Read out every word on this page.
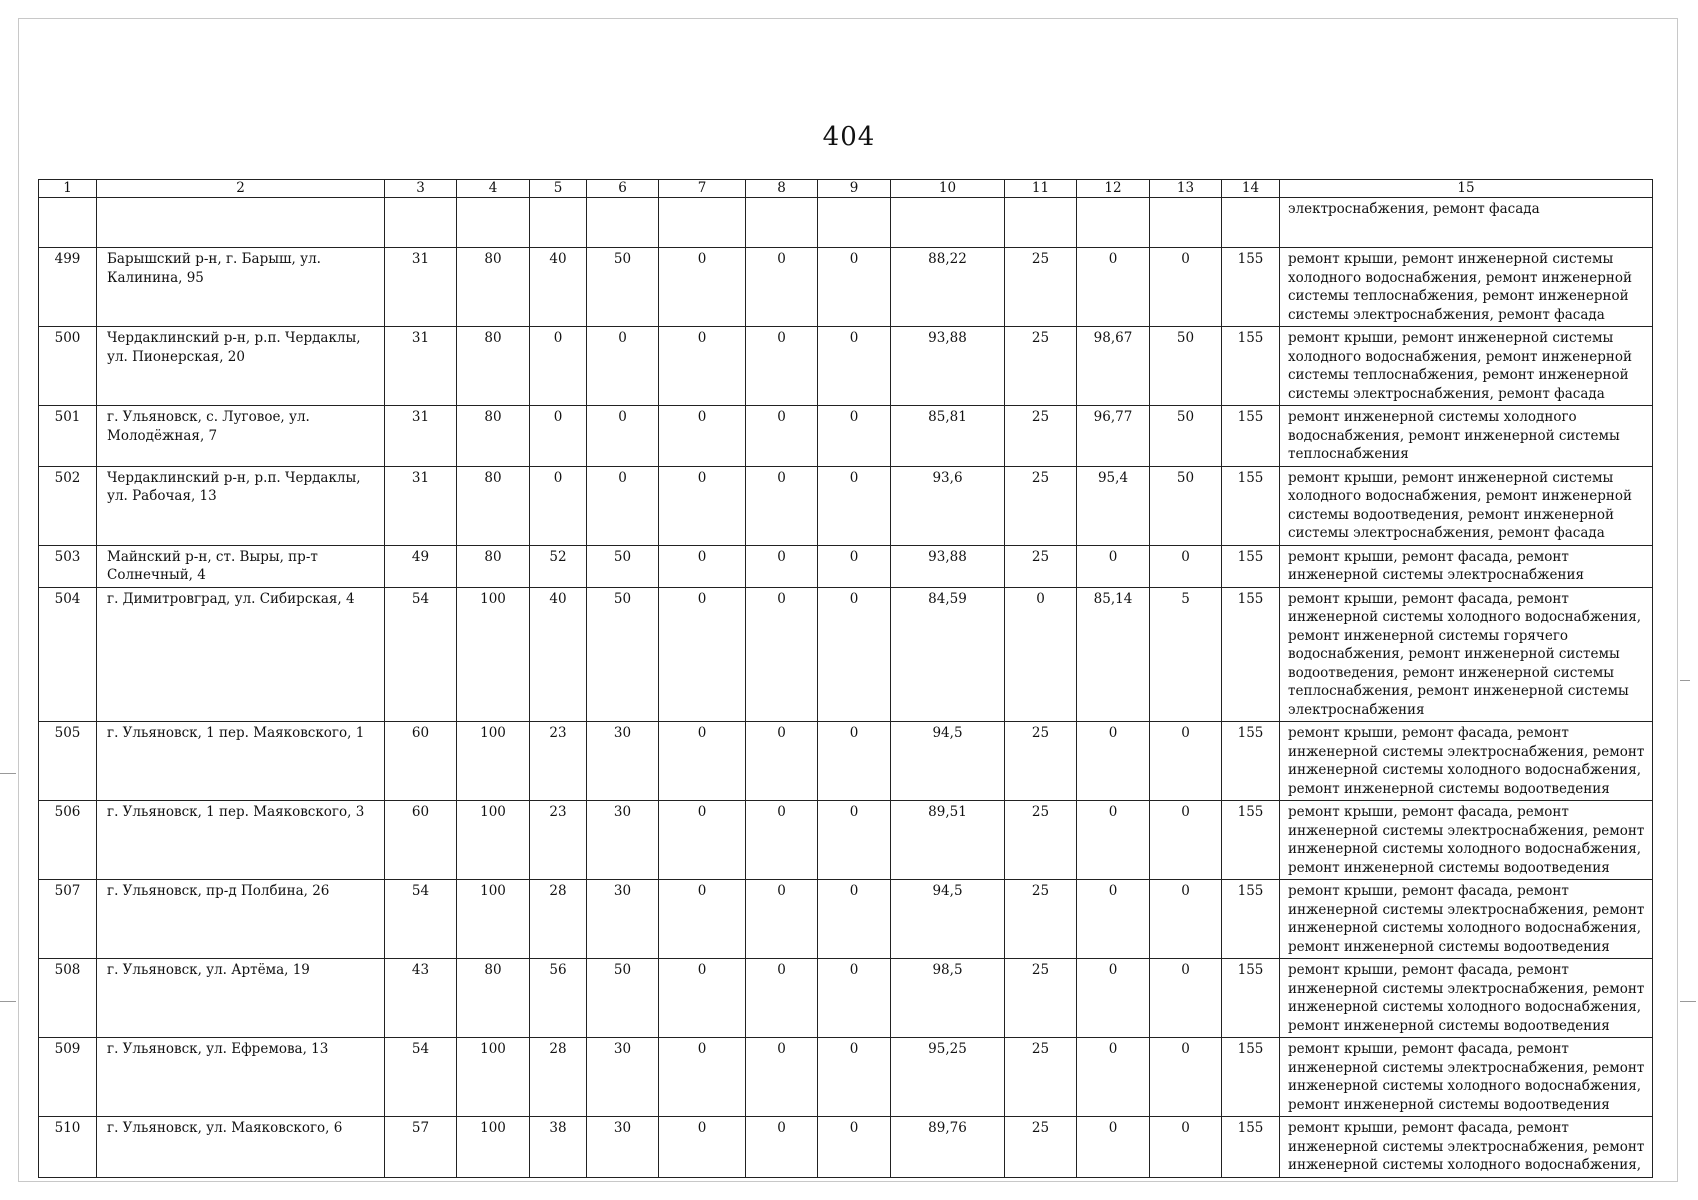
404
1	2	3	4	5	6	7	8	9	10	11	12	13	14	15
														электроснабжения, ремонт фасада
499	Барышский р-н, г. Барыш, ул. Калинина, 95	31	80	40	50	0	0	0	88,22	25	0	0	155	ремонт крыши, ремонт инженерной системы холодного водоснабжения, ремонт инженерной системы теплоснабжения, ремонт инженерной системы электроснабжения, ремонт фасада
500	Чердаклинский р-н, р.п. Чердаклы, ул. Пионерская, 20	31	80	0	0	0	0	0	93,88	25	98,67	50	155	ремонт крыши, ремонт инженерной системы холодного водоснабжения, ремонт инженерной системы теплоснабжения, ремонт инженерной системы электроснабжения, ремонт фасада
501	г. Ульяновск, с. Луговое, ул. Молодёжная, 7	31	80	0	0	0	0	0	85,81	25	96,77	50	155	ремонт инженерной системы холодного водоснабжения, ремонт инженерной системы теплоснабжения
502	Чердаклинский р-н, р.п. Чердаклы, ул. Рабочая, 13	31	80	0	0	0	0	0	93,6	25	95,4	50	155	ремонт крыши, ремонт инженерной системы холодного водоснабжения, ремонт инженерной системы водоотведения, ремонт инженерной системы электроснабжения, ремонт фасада
503	Майнский р-н, ст. Выры, пр-т Солнечный, 4	49	80	52	50	0	0	0	93,88	25	0	0	155	ремонт крыши, ремонт фасада, ремонт инженерной системы электроснабжения
504	г. Димитровград, ул. Сибирская, 4	54	100	40	50	0	0	0	84,59	0	85,14	5	155	ремонт крыши, ремонт фасада, ремонт инженерной системы холодного водоснабжения, ремонт инженерной системы горячего водоснабжения, ремонт инженерной системы водоотведения, ремонт инженерной системы теплоснабжения, ремонт инженерной системы электроснабжения
505	г. Ульяновск, 1 пер. Маяковского, 1	60	100	23	30	0	0	0	94,5	25	0	0	155	ремонт крыши, ремонт фасада, ремонт инженерной системы электроснабжения, ремонт инженерной системы холодного водоснабжения, ремонт инженерной системы водоотведения
506	г. Ульяновск, 1 пер. Маяковского, 3	60	100	23	30	0	0	0	89,51	25	0	0	155	ремонт крыши, ремонт фасада, ремонт инженерной системы электроснабжения, ремонт инженерной системы холодного водоснабжения, ремонт инженерной системы водоотведения
507	г. Ульяновск, пр-д Полбина, 26	54	100	28	30	0	0	0	94,5	25	0	0	155	ремонт крыши, ремонт фасада, ремонт инженерной системы электроснабжения, ремонт инженерной системы холодного водоснабжения, ремонт инженерной системы водоотведения
508	г. Ульяновск, ул. Артёма, 19	43	80	56	50	0	0	0	98,5	25	0	0	155	ремонт крыши, ремонт фасада, ремонт инженерной системы электроснабжения, ремонт инженерной системы холодного водоснабжения, ремонт инженерной системы водоотведения
509	г. Ульяновск, ул. Ефремова, 13	54	100	28	30	0	0	0	95,25	25	0	0	155	ремонт крыши, ремонт фасада, ремонт инженерной системы электроснабжения, ремонт инженерной системы холодного водоснабжения, ремонт инженерной системы водоотведения
510	г. Ульяновск, ул. Маяковского, 6	57	100	38	30	0	0	0	89,76	25	0	0	155	ремонт крыши, ремонт фасада, ремонт инженерной системы электроснабжения, ремонт инженерной системы холодного водоснабжения,
